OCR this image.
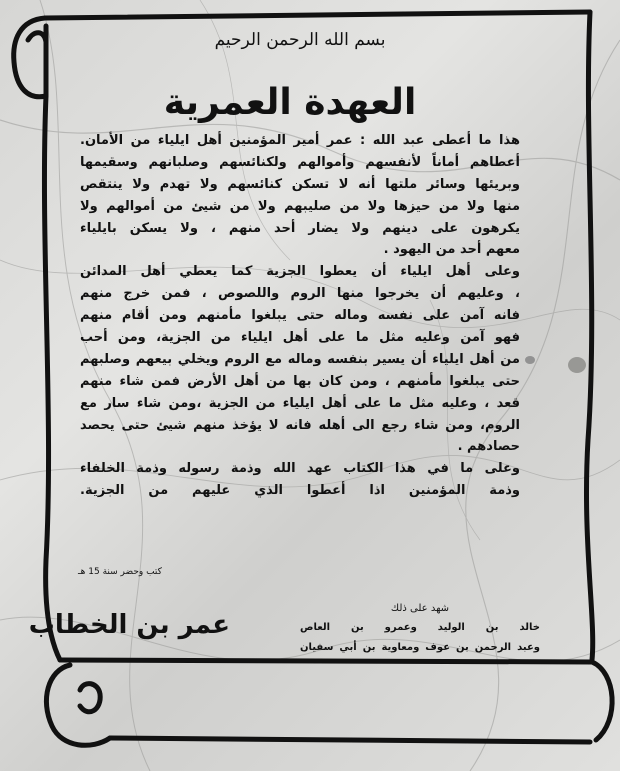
بسم الله الرحمن الرحيم
العهدة العمرية
هذا ما أعطى عبد الله : عمر أمير المؤمنين أهل ايلياء من الأمان.
أعطاهم أماناً لأنفسهم وأموالهم ولكنائسهم وصلبانهم وسقيمها
وبريئها وسائر ملتها أنه لا تسكن كنائسهم ولا تهدم ولا ينتقص
منها ولا من حيزها ولا من صليبهم ولا من شيئ من أموالهم ولا
يكرهون على دينهم ولا يضار أحد منهم ، ولا يسكن بايلياء
معهم أحد من اليهود .
وعلى أهل ايلياء أن يعطوا الجزية كما يعطي أهل المدائن
، وعليهم أن يخرجوا منها الروم واللصوص ، فمن خرج منهم
فانه آمن على نفسه وماله حتى يبلغوا مأمنهم ومن أقام منهم
فهو آمن وعليه مثل ما على أهل ايلياء من الجزية، ومن أحب
من أهل ايلياء أن يسير بنفسه وماله مع الروم ويخلي بيعهم وصلبهم
حتى يبلغوا مأمنهم ، ومن كان بها من أهل الأرض فمن شاء منهم
قعد ، وعليه مثل ما على أهل ايلياء من الجزية ،ومن شاء سار مع
الروم، ومن شاء رجع الى أهله فانه لا يؤخذ منهم شيئ حتى يحصد
حصادهم .
وعلى ما في هذا الكتاب عهد الله وذمة رسوله وذمة الخلفاء
وذمة المؤمنين اذا أعطوا الذي عليهم من الجزية.
كتب وحضر سنة 15 هـ
عمر بن الخطاب
شهد على ذلك
خالد بن الوليد وعمرو بن العاص
وعبد الرحمن بن عوف ومعاوية بن أبي سفيان
